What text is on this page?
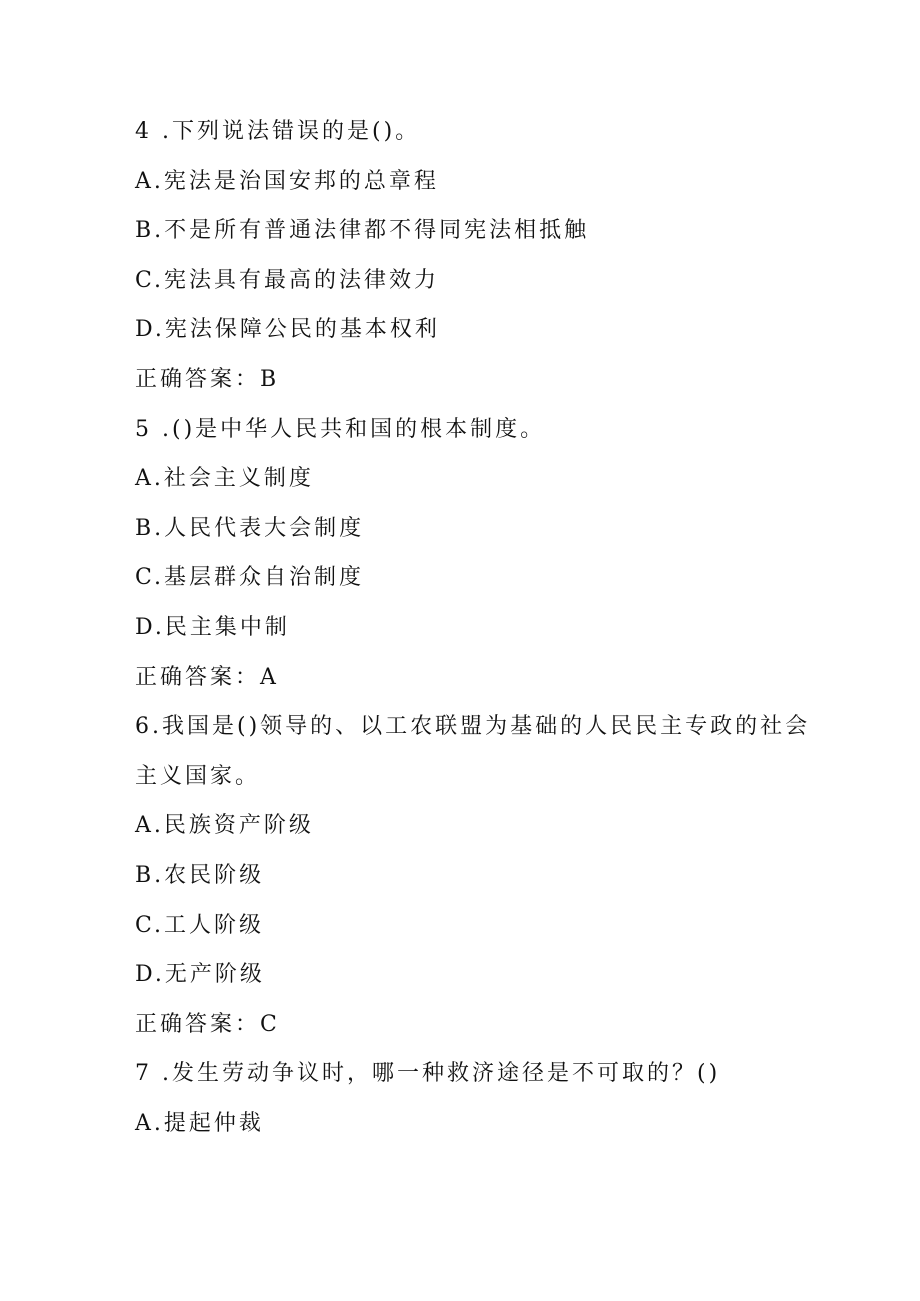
4 .下列说法错误的是()。
A.宪法是治国安邦的总章程
B.不是所有普通法律都不得同宪法相抵触
C.宪法具有最高的法律效力
D.宪法保障公民的基本权利
正确答案：B
5 .()是中华人民共和国的根本制度。
A.社会主义制度
B.人民代表大会制度
C.基层群众自治制度
D.民主集中制
正确答案：A
6.我国是()领导的、以工农联盟为基础的人民民主专政的社会
主义国家。
A.民族资产阶级
B.农民阶级
C.工人阶级
D.无产阶级
正确答案：C
7 .发生劳动争议时，哪一种救济途径是不可取的？()
A.提起仲裁
